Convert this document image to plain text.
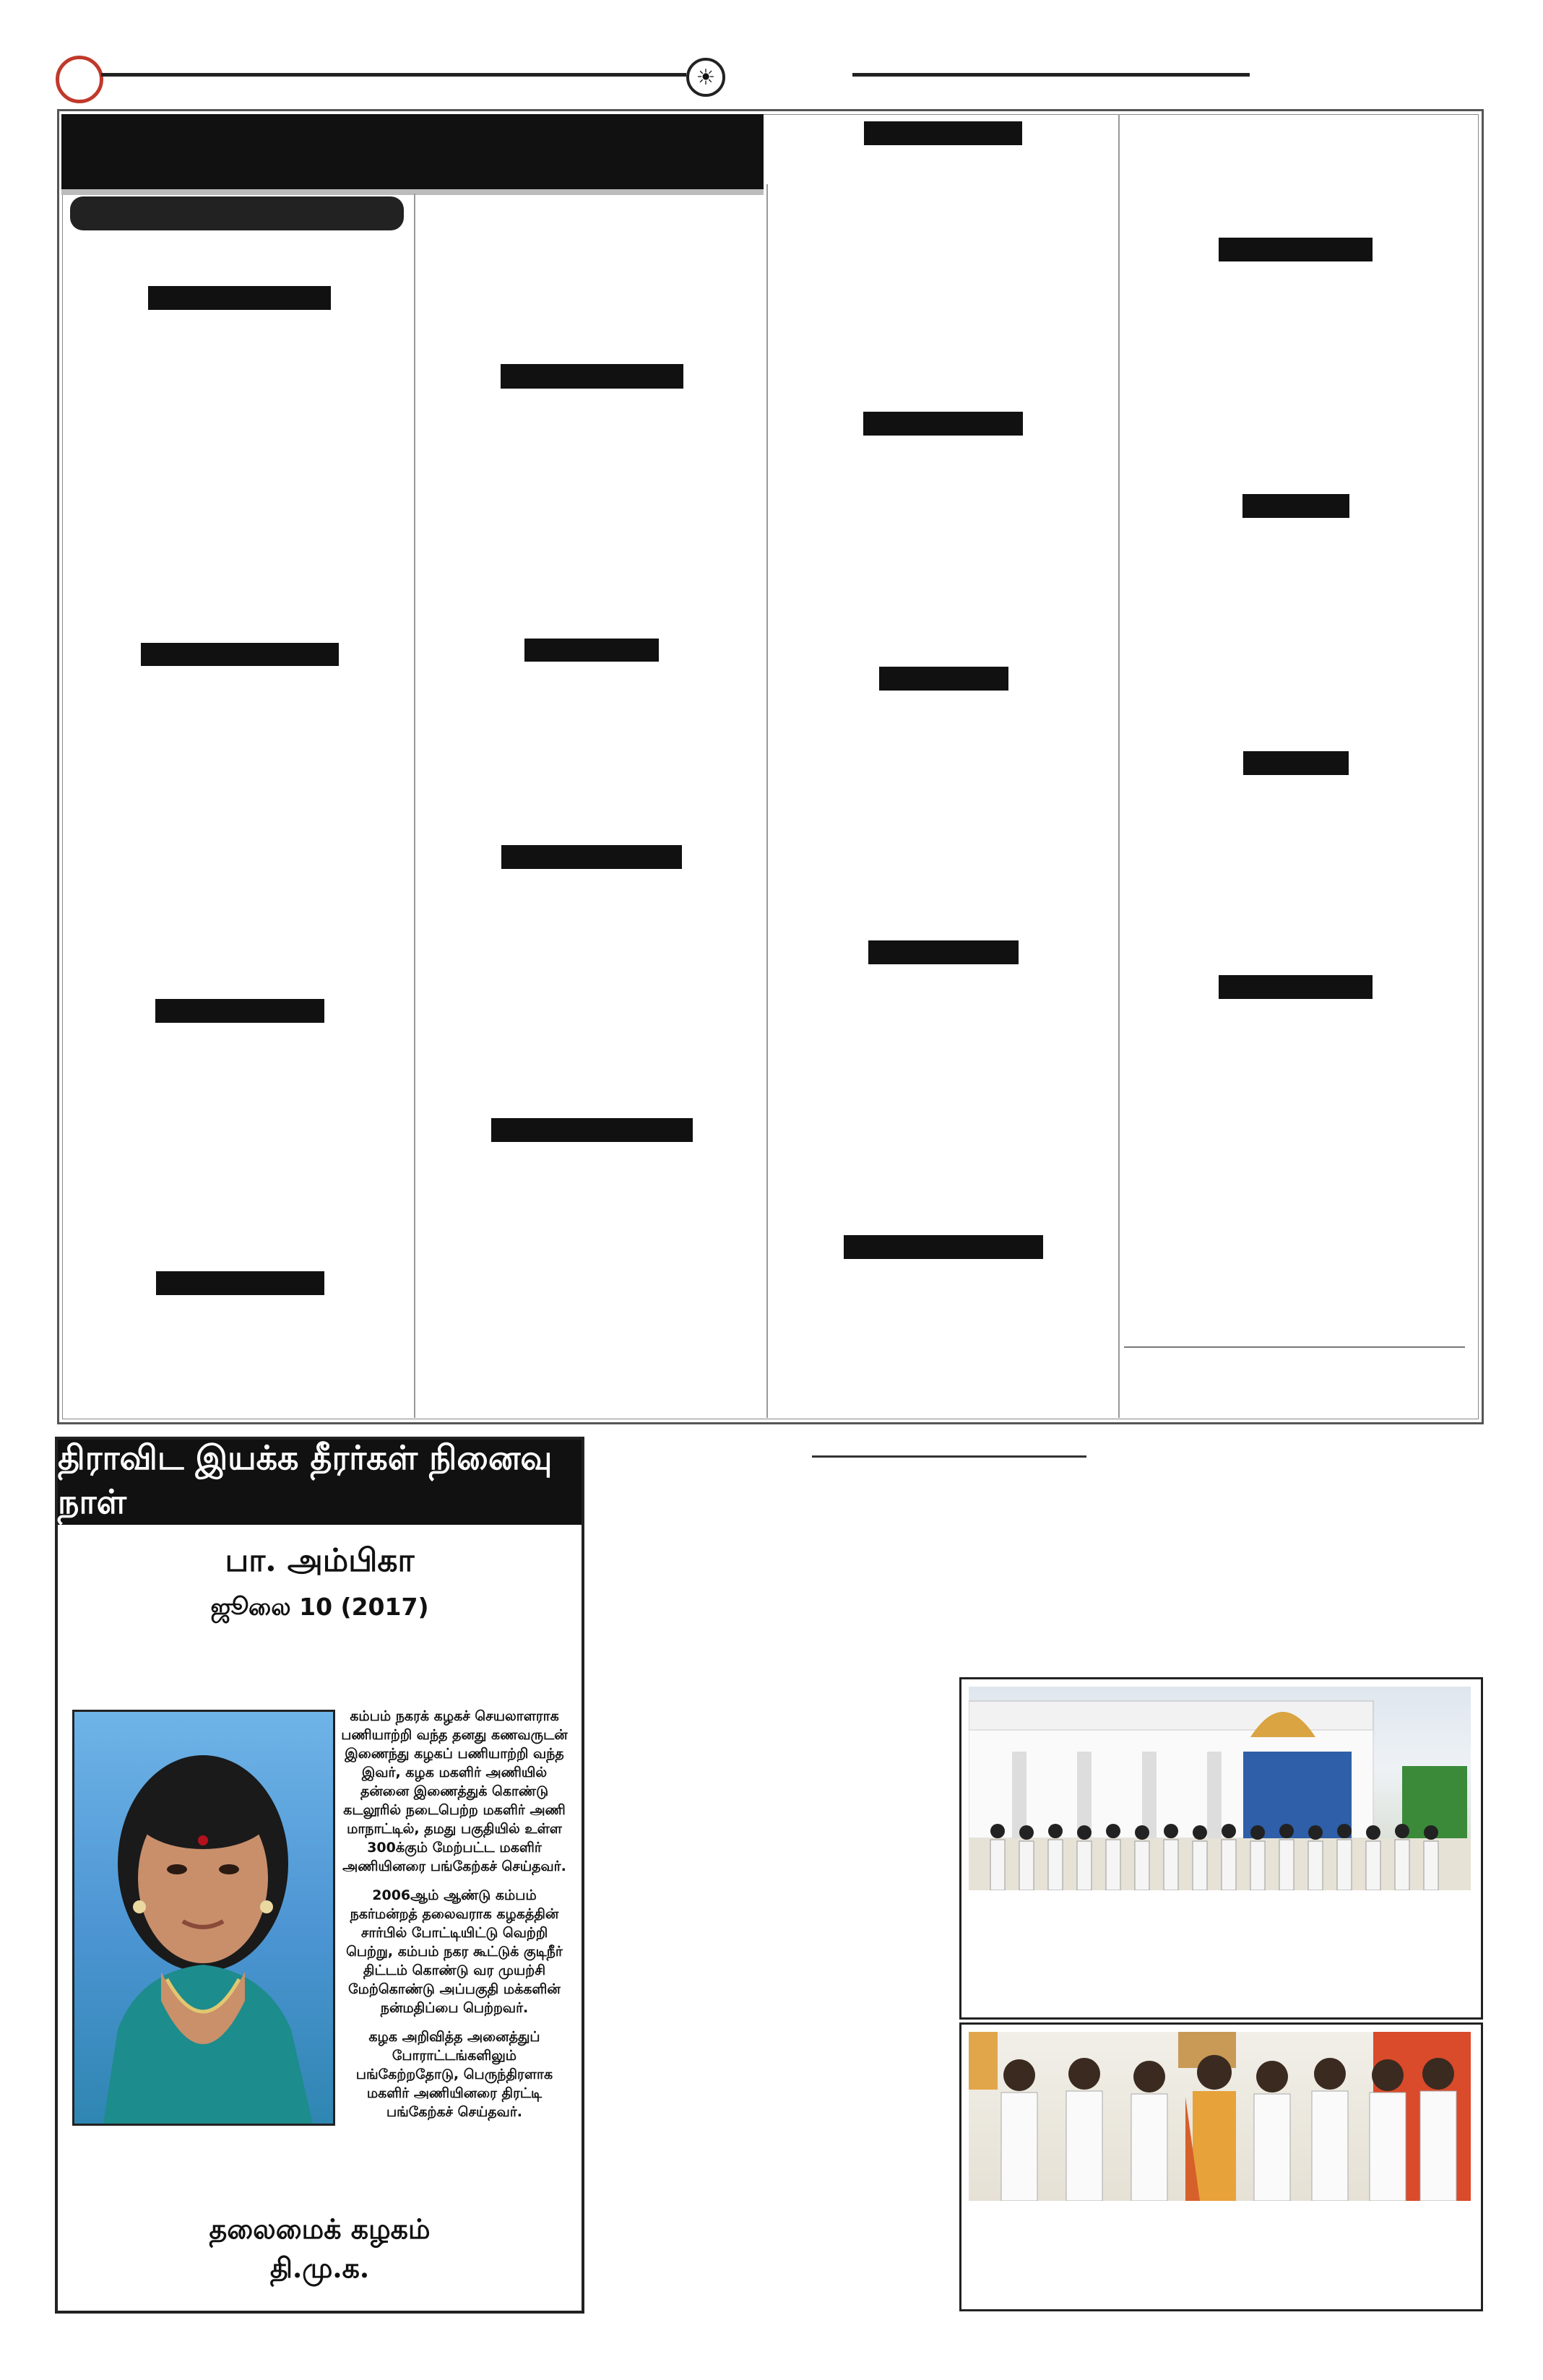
☀
திராவிட இயக்க தீரர்கள் நினைவு நாள்
பா. அம்பிகா
ஜூலை 10 (2017)

கம்பம் நகரக் கழகச் செயலாளராக பணியாற்றி வந்த தனது கணவருடன் இணைந்து கழகப் பணியாற்றி வந்த இவர், கழக மகளிர் அணியில் தன்னை இணைத்துக் கொண்டு கடலூரில் நடைபெற்ற மகளிர் அணி மாநாட்டில், தமது பகுதியில் உள்ள 300க்கும் மேற்பட்ட மகளிர் அணியினரை பங்கேற்கச் செய்தவர்.

2006ஆம் ஆண்டு கம்பம் நகர்மன்றத் தலைவராக கழகத்தின் சார்பில் போட்டியிட்டு வெற்றி பெற்று, கம்பம் நகர கூட்டுக் குடிநீர் திட்டம் கொண்டு வர முயற்சி மேற்கொண்டு அப்பகுதி மக்களின் நன்மதிப்பை பெற்றவர்.

கழக அறிவித்த அனைத்துப் போராட்டங்களிலும் பங்கேற்றதோடு, பெருந்திரளாக மகளிர் அணியினரை திரட்டி பங்கேற்கச் செய்தவர்.

தலைமைக் கழகம்
தி.மு.க.
